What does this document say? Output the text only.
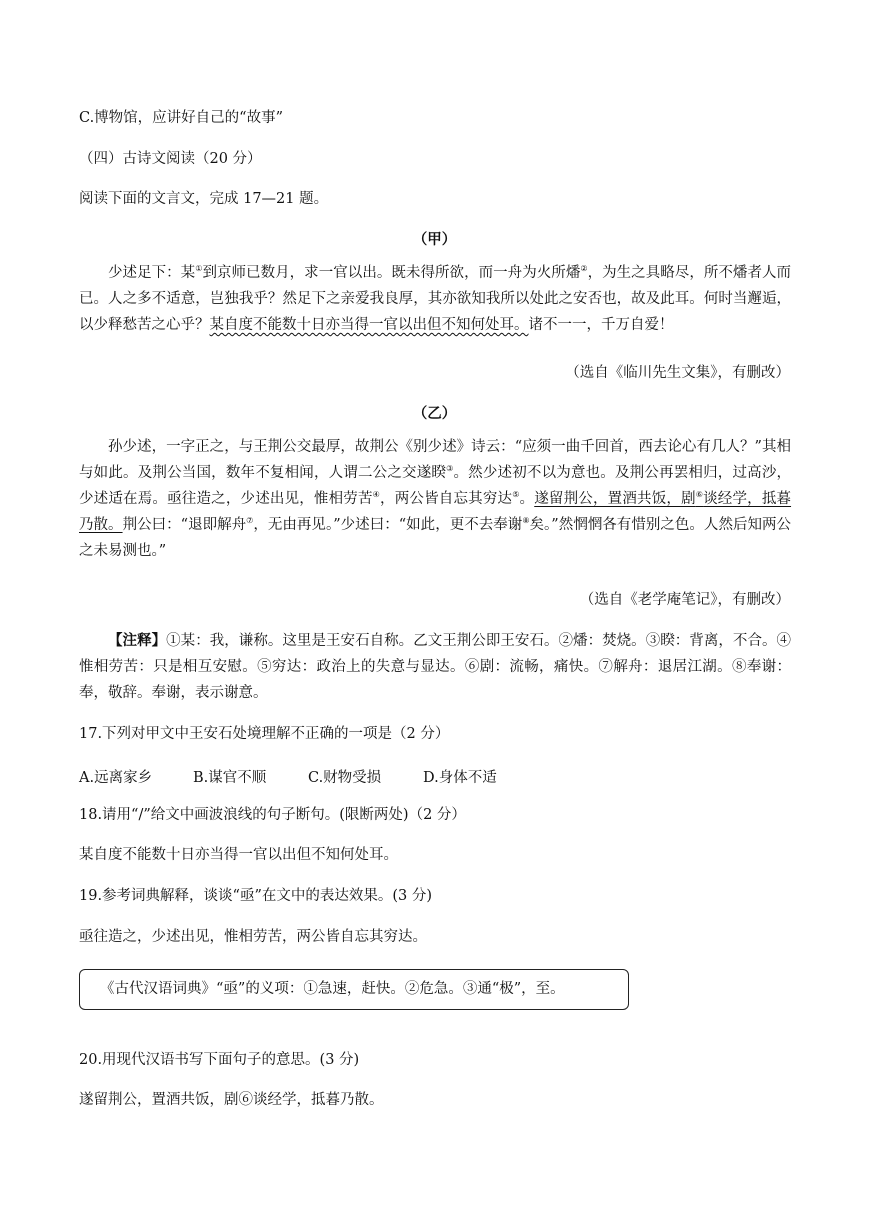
C.博物馆，应讲好自己的“故事”
（四）古诗文阅读（20 分）
阅读下面的文言文，完成 17—21 题。
（甲）

少述足下：某①到京师已数月，求一官以出。既未得所欲，而一舟为火所燔②，为生之具略尽，所不燔者人而已。人之多不适意，岂独我乎？然足下之亲爱我良厚，其亦欲知我所以处此之安否也，故及此耳。何时当邂逅，以少释愁苦之心乎？某自度不能数十日亦当得一官以出但不知何处耳。诸不一一，千万自爱！

（选自《临川先生文集》，有删改）
（乙）

孙少述，一字正之，与王荆公交最厚，故荆公《别少述》诗云：“应须一曲千回首，西去论心有几人？”其相与如此。及荆公当国，数年不复相闻，人谓二公之交遂睽③。然少述初不以为意也。及荆公再罢相归，过高沙，少述适在焉。亟往造之，少述出见，惟相劳苦④，两公皆自忘其穷达⑤。遂留荆公，置酒共饭，剧⑥谈经学，抵暮乃散。荆公曰：“退即解舟⑦，无由再见。”少述曰：“如此，更不去奉谢⑧矣。”然惘惘各有惜别之色。人然后知两公之未易测也。”

（选自《老学庵笔记》，有删改）

【注释】①某：我，谦称。这里是王安石自称。乙文王荆公即王安石。②燔：焚烧。③睽：背离，不合。④惟相劳苦：只是相互安慰。⑤穷达：政治上的失意与显达。⑥剧：流畅，痛快。⑦解舟：退居江湖。⑧奉谢：奉，敬辞。奉谢，表示谢意。

17.下列对甲文中王安石处境理解不正确的一项是（2 分）
A.远离家乡	B.谋官不顺	C.财物受损	D.身体不适
18.请用“/”给文中画波浪线的句子断句。(限断两处)（2 分）
某自度不能数十日亦当得一官以出但不知何处耳。
19.参考词典解释，谈谈“亟”在文中的表达效果。(3 分)
亟往造之，少述出见，惟相劳苦，两公皆自忘其穷达。
《古代汉语词典》“亟”的义项：①急速，赶快。②危急。③通“极”，至。
20.用现代汉语书写下面句子的意思。(3 分)
遂留荆公，置酒共饭，剧⑥谈经学，抵暮乃散。
